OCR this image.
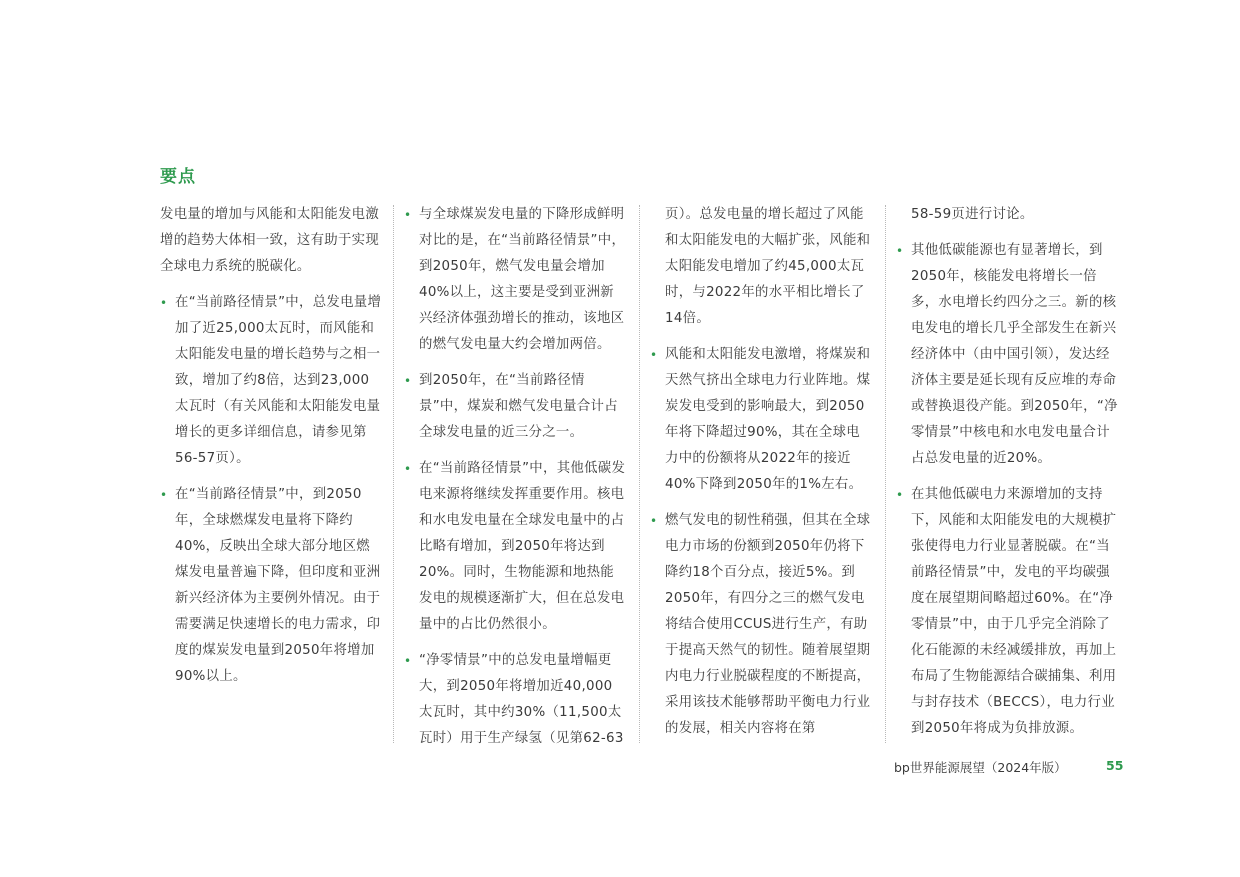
要点

发电量的增加与风能和太阳能发电激增的趋势大体相一致，这有助于实现全球电力系统的脱碳化。

• 在“当前路径情景”中，总发电量增加了近25,000太瓦时，而风能和太阳能发电量的增长趋势与之相一致，增加了约8倍，达到23,000太瓦时（有关风能和太阳能发电量增长的更多详细信息，请参见第56-57页）。
• 在“当前路径情景”中，到2050年，全球燃煤发电量将下降约40%，反映出全球大部分地区燃煤发电量普遍下降，但印度和亚洲新兴经济体为主要例外情况。由于需要满足快速增长的电力需求，印度的煤炭发电量到2050年将增加90%以上。
• 与全球煤炭发电量的下降形成鲜明对比的是，在“当前路径情景”中，到2050年，燃气发电量会增加40%以上，这主要是受到亚洲新兴经济体强劲增长的推动，该地区的燃气发电量大约会增加两倍。
• 到2050年，在“当前路径情景”中，煤炭和燃气发电量合计占全球发电量的近三分之一。
• 在“当前路径情景”中，其他低碳发电来源将继续发挥重要作用。核电和水电发电量在全球发电量中的占比略有增加，到2050年将达到20%。同时，生物能源和地热能发电的规模逐渐扩大，但在总发电量中的占比仍然很小。
• “净零情景”中的总发电量增幅更大，到2050年将增加近40,000太瓦时，其中约30%（11,500太瓦时）用于生产绿氢（见第62-63

页）。总发电量的增长超过了风能和太阳能发电的大幅扩张，风能和太阳能发电增加了约45,000太瓦时，与2022年的水平相比增长了14倍。

• 风能和太阳能发电激增，将煤炭和天然气挤出全球电力行业阵地。煤炭发电受到的影响最大，到2050年将下降超过90%，其在全球电力中的份额将从2022年的接近40%下降到2050年的1%左右。
• 燃气发电的韧性稍强，但其在全球电力市场的份额到2050年仍将下降约18个百分点，接近5%。到2050年，有四分之三的燃气发电将结合使用CCUS进行生产，有助于提高天然气的韧性。随着展望期内电力行业脱碳程度的不断提高，采用该技术能够帮助平衡电力行业的发展，相关内容将在第

58-59页进行讨论。

• 其他低碳能源也有显著增长，到2050年，核能发电将增长一倍多，水电增长约四分之三。新的核电发电的增长几乎全部发生在新兴经济体中（由中国引领），发达经济体主要是延长现有反应堆的寿命或替换退役产能。到2050年，“净零情景”中核电和水电发电量合计占总发电量的近20%。
• 在其他低碳电力来源增加的支持下，风能和太阳能发电的大规模扩张使得电力行业显著脱碳。在“当前路径情景”中，发电的平均碳强度在展望期间略超过60%。在“净零情景”中，由于几乎完全消除了化石能源的未经减缓排放，再加上布局了生物能源结合碳捕集、利用与封存技术（BECCS），电力行业到2050年将成为负排放源。
bp世界能源展望（2024年版）	55
